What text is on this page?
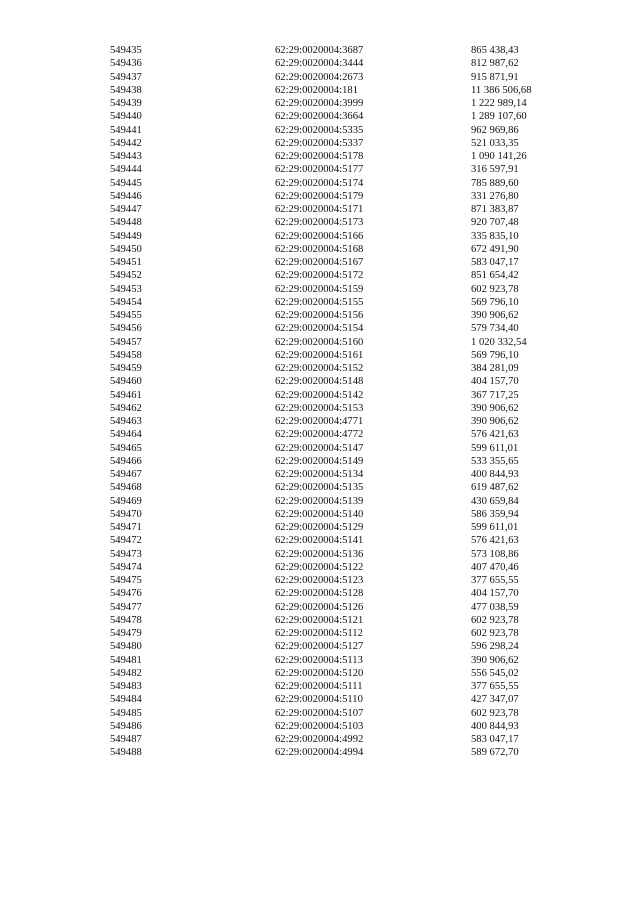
549435	62:29:0020004:3687	865 438,43
549436	62:29:0020004:3444	812 987,62
549437	62:29:0020004:2673	915 871,91
549438	62:29:0020004:181	11 386 506,68
549439	62:29:0020004:3999	1 222 989,14
549440	62:29:0020004:3664	1 289 107,60
549441	62:29:0020004:5335	962 969,86
549442	62:29:0020004:5337	521 033,35
549443	62:29:0020004:5178	1 090 141,26
549444	62:29:0020004:5177	316 597,91
549445	62:29:0020004:5174	785 889,60
549446	62:29:0020004:5179	331 276,80
549447	62:29:0020004:5171	871 383,87
549448	62:29:0020004:5173	920 707,48
549449	62:29:0020004:5166	335 835,10
549450	62:29:0020004:5168	672 491,90
549451	62:29:0020004:5167	583 047,17
549452	62:29:0020004:5172	851 654,42
549453	62:29:0020004:5159	602 923,78
549454	62:29:0020004:5155	569 796,10
549455	62:29:0020004:5156	390 906,62
549456	62:29:0020004:5154	579 734,40
549457	62:29:0020004:5160	1 020 332,54
549458	62:29:0020004:5161	569 796,10
549459	62:29:0020004:5152	384 281,09
549460	62:29:0020004:5148	404 157,70
549461	62:29:0020004:5142	367 717,25
549462	62:29:0020004:5153	390 906,62
549463	62:29:0020004:4771	390 906,62
549464	62:29:0020004:4772	576 421,63
549465	62:29:0020004:5147	599 611,01
549466	62:29:0020004:5149	533 355,65
549467	62:29:0020004:5134	400 844,93
549468	62:29:0020004:5135	619 487,62
549469	62:29:0020004:5139	430 659,84
549470	62:29:0020004:5140	586 359,94
549471	62:29:0020004:5129	599 611,01
549472	62:29:0020004:5141	576 421,63
549473	62:29:0020004:5136	573 108,86
549474	62:29:0020004:5122	407 470,46
549475	62:29:0020004:5123	377 655,55
549476	62:29:0020004:5128	404 157,70
549477	62:29:0020004:5126	477 038,59
549478	62:29:0020004:5121	602 923,78
549479	62:29:0020004:5112	602 923,78
549480	62:29:0020004:5127	596 298,24
549481	62:29:0020004:5113	390 906,62
549482	62:29:0020004:5120	556 545,02
549483	62:29:0020004:5111	377 655,55
549484	62:29:0020004:5110	427 347,07
549485	62:29:0020004:5107	602 923,78
549486	62:29:0020004:5103	400 844,93
549487	62:29:0020004:4992	583 047,17
549488	62:29:0020004:4994	589 672,70
